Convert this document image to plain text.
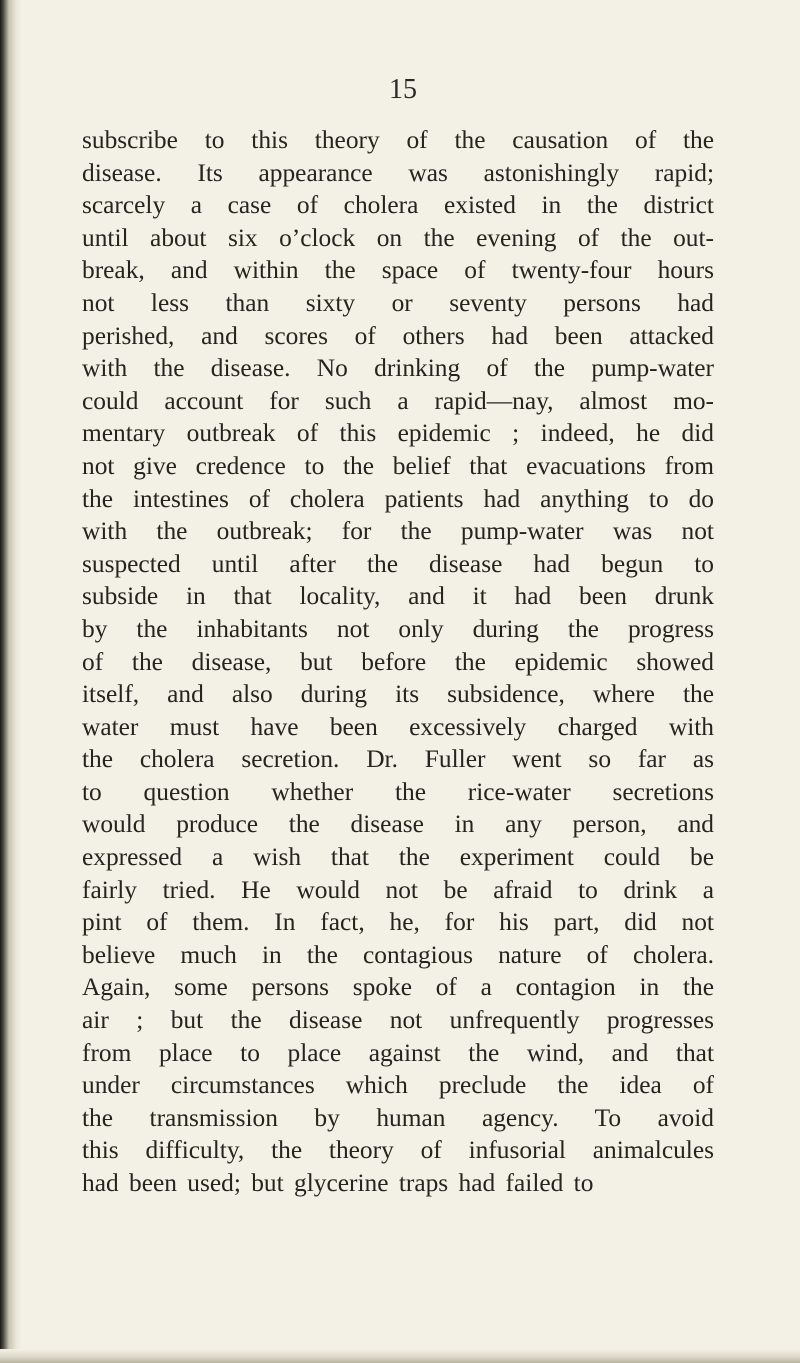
15
subscribe to this theory of the causation of the
disease. Its appearance was astonishingly rapid;
scarcely a case of cholera existed in the district
until about six o’clock on the evening of the out-
break, and within the space of twenty-four hours
not less than sixty or seventy persons had
perished, and scores of others had been attacked
with the disease. No drinking of the pump-water
could account for such a rapid—nay, almost mo-
mentary outbreak of this epidemic ; indeed, he did
not give credence to the belief that evacuations from
the intestines of cholera patients had anything to do
with the outbreak; for the pump-water was not
suspected until after the disease had begun to
subside in that locality, and it had been drunk
by the inhabitants not only during the progress
of the disease, but before the epidemic showed
itself, and also during its subsidence, where the
water must have been excessively charged with
the cholera secretion. Dr. Fuller went so far as
to question whether the rice-water secretions
would produce the disease in any person, and
expressed a wish that the experiment could be
fairly tried. He would not be afraid to drink a
pint of them. In fact, he, for his part, did not
believe much in the contagious nature of cholera.
Again, some persons spoke of a contagion in the
air ; but the disease not unfrequently progresses
from place to place against the wind, and that
under circumstances which preclude the idea of
the transmission by human agency. To avoid
this difficulty, the theory of infusorial animalcules
had been used; but glycerine traps had failed to
